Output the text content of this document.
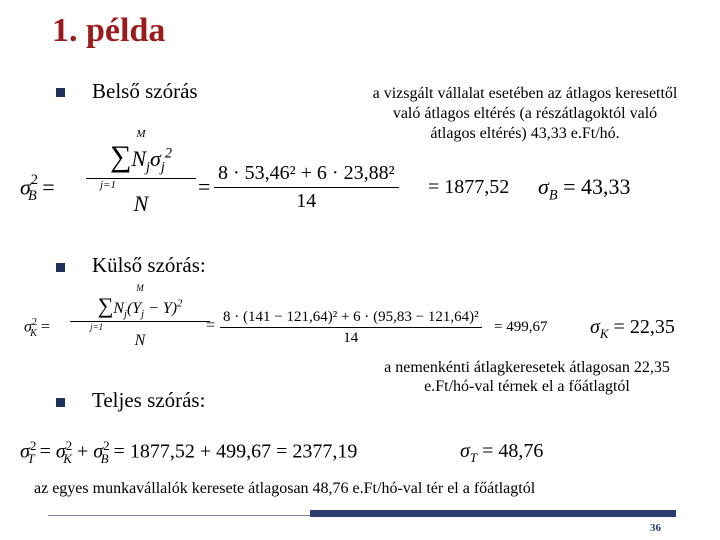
1. példa
Belső szórás	a vizsgált vállalat esetében az átlagos keresettől
való átlagos eltérés (a részátlagoktól való
átlagos eltérés) 43,33 e.Ft/hó.
$\sigma^2_B$ =
M
$\sum N_j\sigma_j^2$
j=1
N
= $\frac{\text{8 · 53,46² + 6 · 23,88²}}{14} = 1877,52$ $\sigma_B = 43,33$
Külső szórás:
$\sigma^2_K$ =
M
$\sum N_j(Y_j - Y)^2$
j=1
N
= $\frac{\text{8 · (141 − 121,64)² + 6 · (95,83 − 121,64)²}}{14} = 499,67$ $\sigma_K = 22,35$
a nemenkénti átlagkeresetek átlagosan 22,35
e.Ft/hó-val térnek el a főátlagtól
Teljes szórás:
$\sigma^2_T = \sigma^2_K + \sigma^2_B = 1877,52 + 499,67 = 2377,19$	$\sigma_T = 48,76$
az egyes munkavállalók keresete átlagosan 48,76 e.Ft/hó-val tér el a főátlagtól
36
